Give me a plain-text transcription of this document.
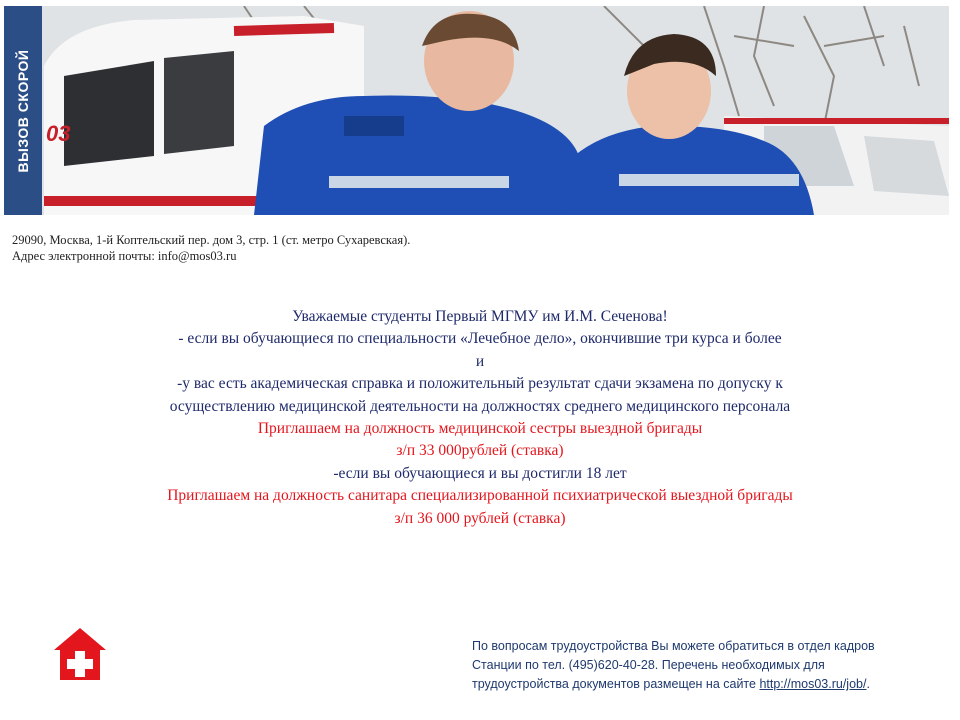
03
ВЫЗОВ СКОРОЙ
29090, Москва, 1-й Коптельский пер. дом 3, стр. 1 (ст. метро Сухаревская).
Адрес электронной почты: info@mos03.ru
Уважаемые студенты Первый МГМУ им И.М. Сеченова!
- если вы обучающиеся по специальности «Лечебное дело», окончившие три курса и более
и
-у вас есть академическая справка и положительный результат сдачи экзамена по допуску к
осуществлению медицинской деятельности на должностях среднего медицинского персонала
Приглашаем на должность медицинской сестры выездной бригады
з/п 33 000рублей (ставка)
-если вы обучающиеся и вы достигли 18 лет
Приглашаем на должность санитара специализированной психиатрической выездной бригады
з/п 36 000 рублей (ставка)
По вопросам трудоустройства Вы можете обратиться в отдел кадров
Станции по тел. (495)620-40-28. Перечень необходимых для
трудоустройства документов размещен на сайте http://mos03.ru/job/.
